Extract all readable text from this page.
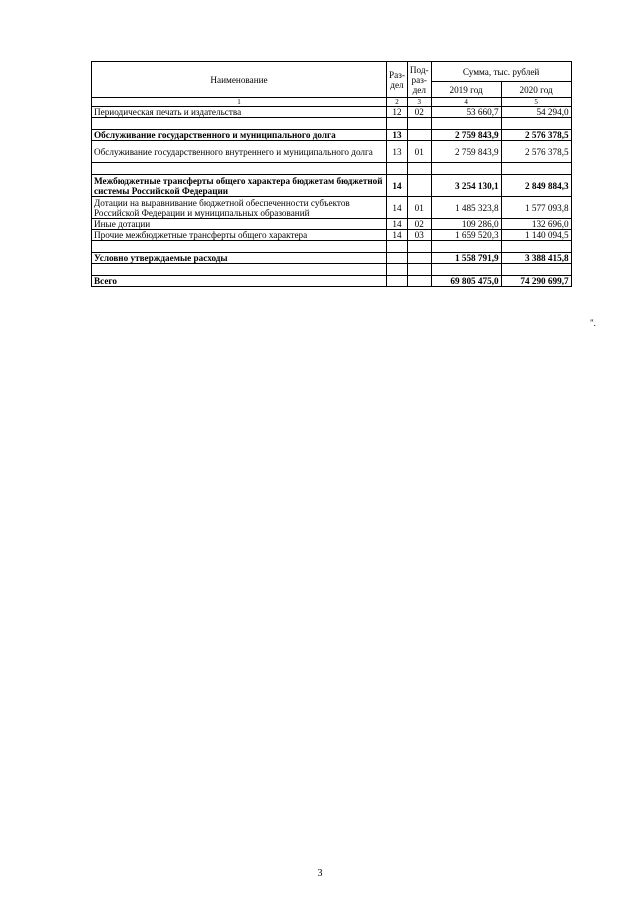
Наименование	Раз-дел	Под-раз-дел	Сумма, тыс. рублей	
			2019 год	2020 год
1	2	3	4	5
Периодическая печать и издательства	12	02	53 660,7	54 294,0

Обслуживание государственного и муниципального долга	13		2 759 843,9	2 576 378,5
Обслуживание государственного внутреннего и муниципального долга	13	01	2 759 843,9	2 576 378,5

Межбюджетные трансферты общего характера бюджетам бюджетной системы Российской Федерации	14		3 254 130,1	2 849 884,3
Дотации на выравнивание бюджетной обеспеченности субъектов Российской Федерации и муниципальных образований	14	01	1 485 323,8	1 577 093,8
Иные дотации	14	02	109 286,0	132 696,0
Прочие межбюджетные трансферты общего характера	14	03	1 659 520,3	1 140 094,5

Условно утверждаемые расходы			1 558 791,9	3 388 415,8

Всего			69 805 475,0	74 290 699,7
".
3
